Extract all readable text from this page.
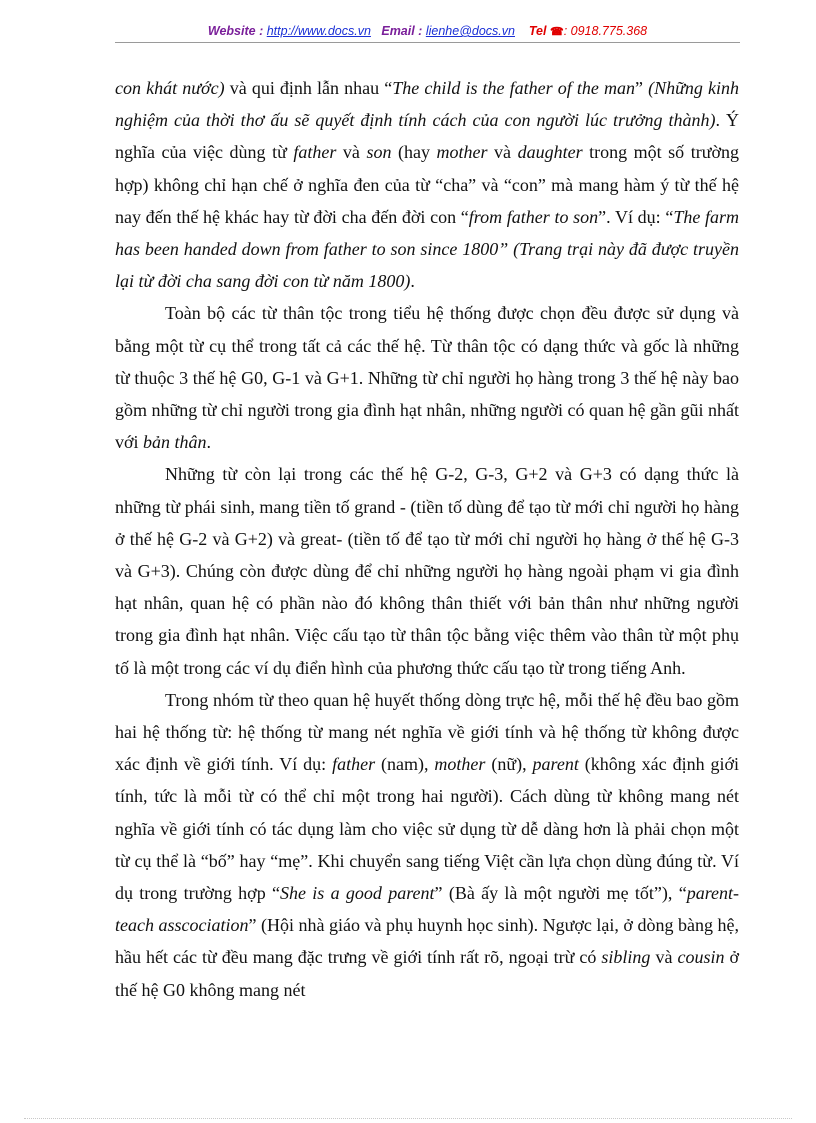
Website : http://www.docs.vn Email : lienhe@docs.vn Tel ☎: 0918.775.368

con khát nước) và qui định lẫn nhau “The child is the father of the man” (Những kinh nghiệm của thời thơ ấu sẽ quyết định tính cách của con người lúc trưởng thành). Ý nghĩa của việc dùng từ father và son (hay mother và daughter trong một số trường hợp) không chỉ hạn chế ở nghĩa đen của từ “cha” và “con” mà mang hàm ý từ thế hệ nay đến thế hệ khác hay từ đời cha đến đời con “from father to son”. Ví dụ: “The farm has been handed down from father to son since 1800” (Trang trại này đã được truyền lại từ đời cha sang đời con từ năm 1800).

Toàn bộ các từ thân tộc trong tiểu hệ thống được chọn đều được sử dụng và bằng một từ cụ thể trong tất cả các thế hệ. Từ thân tộc có dạng thức và gốc là những từ thuộc 3 thế hệ G0, G-1 và G+1. Những từ chỉ người họ hàng trong 3 thế hệ này bao gồm những từ chỉ người trong gia đình hạt nhân, những người có quan hệ gần gũi nhất với bản thân.

Những từ còn lại trong các thế hệ G-2, G-3, G+2 và G+3 có dạng thức là những từ phái sinh, mang tiền tố grand - (tiền tố dùng để tạo từ mới chỉ người họ hàng ở thế hệ G-2 và G+2) và great- (tiền tố để tạo từ mới chỉ người họ hàng ở thế hệ G-3 và G+3). Chúng còn được dùng để chỉ những người họ hàng ngoài phạm vi gia đình hạt nhân, quan hệ có phần nào đó không thân thiết với bản thân như những người trong gia đình hạt nhân. Việc cấu tạo từ thân tộc bằng việc thêm vào thân từ một phụ tố là một trong các ví dụ điển hình của phương thức cấu tạo từ trong tiếng Anh.

Trong nhóm từ theo quan hệ huyết thống dòng trực hệ, mỗi thế hệ đều bao gồm hai hệ thống từ: hệ thống từ mang nét nghĩa về giới tính và hệ thống từ không được xác định về giới tính. Ví dụ: father (nam), mother (nữ), parent (không xác định giới tính, tức là mỗi từ có thể chỉ một trong hai người). Cách dùng từ không mang nét nghĩa về giới tính có tác dụng làm cho việc sử dụng từ dễ dàng hơn là phải chọn một từ cụ thể là “bố” hay “mẹ”. Khi chuyển sang tiếng Việt cần lựa chọn dùng đúng từ. Ví dụ trong trường hợp “She is a good parent” (Bà ấy là một người mẹ tốt”), “parent-teach asscociation” (Hội nhà giáo và phụ huynh học sinh). Ngược lại, ở dòng bàng hệ, hầu hết các từ đều mang đặc trưng về giới tính rất rõ, ngoại trừ có sibling và cousin ở thế hệ G0 không mang nét
